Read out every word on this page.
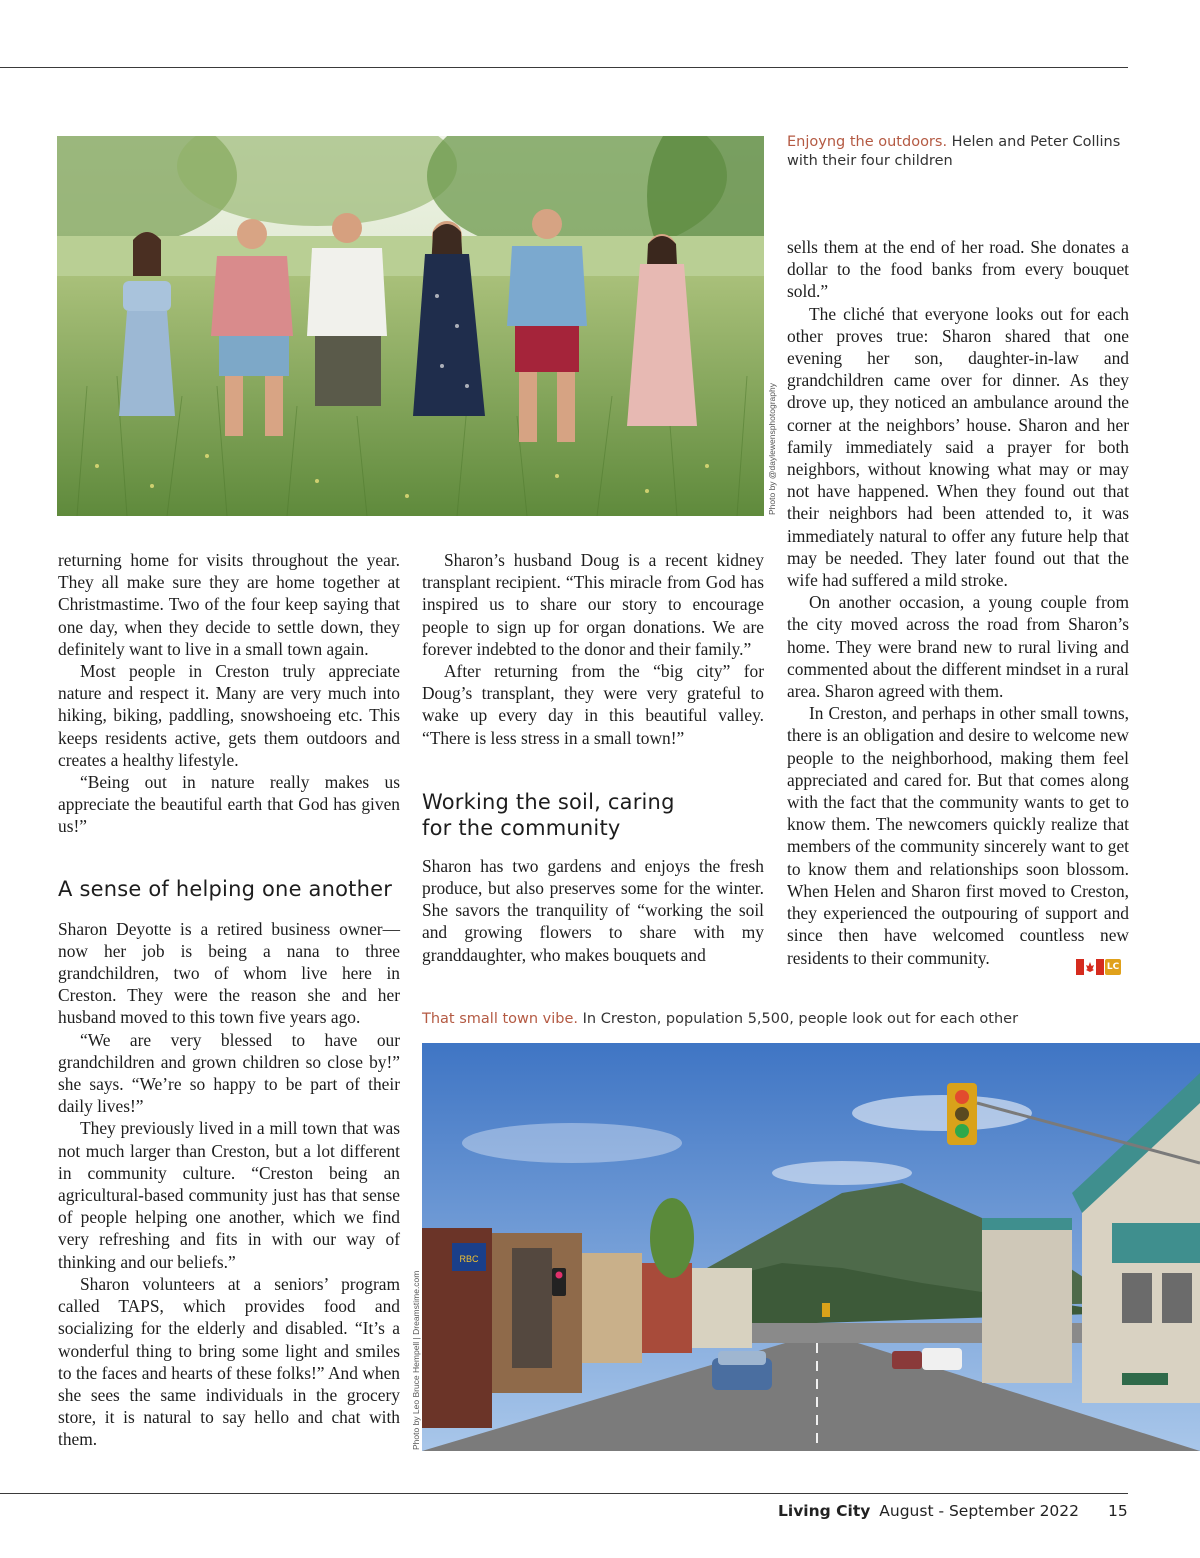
Photo by @daylewensphotography
Enjoyng the outdoors. Helen and Peter Collins with their four children

returning home for visits throughout the year. They all make sure they are home together at Christmastime. Two of the four keep saying that one day, when they decide to settle down, they definitely want to live in a small town again.

Most people in Creston truly appreciate nature and respect it. Many are very much into hiking, biking, paddling, snowshoeing etc. This keeps residents active, gets them outdoors and creates a healthy lifestyle.

“Being out in nature really makes us appreciate the beautiful earth that God has given us!”

A sense of helping one another

Sharon Deyotte is a retired business owner—now her job is being a nana to three grandchildren, two of whom live here in Creston. They were the reason she and her husband moved to this town five years ago.

“We are very blessed to have our grandchildren and grown children so close by!” she says. “We’re so happy to be part of their daily lives!”

They previously lived in a mill town that was not much larger than Creston, but a lot different in community culture. “Creston being an agricultural-based community just has that sense of people helping one another, which we find very refreshing and fits in with our way of thinking and our beliefs.”

Sharon volunteers at a seniors’ program called TAPS, which provides food and socializing for the elderly and disabled. “It’s a wonderful thing to bring some light and smiles to the faces and hearts of these folks!” And when she sees the same individuals in the grocery store, it is natural to say hello and chat with them.

Sharon’s husband Doug is a recent kidney transplant recipient. “This miracle from God has inspired us to share our story to encourage people to sign up for organ donations. We are forever indebted to the donor and their family.”

After returning from the “big city” for Doug’s transplant, they were very grateful to wake up every day in this beautiful valley. “There is less stress in a small town!”

Working the soil, caring
for the community

Sharon has two gardens and enjoys the fresh produce, but also preserves some for the winter. She savors the tranquility of “working the soil and growing flowers to share with my granddaughter, who makes bouquets and

sells them at the end of her road. She donates a dollar to the food banks from every bouquet sold.”

The cliché that everyone looks out for each other proves true: Sharon shared that one evening her son, daughter-in-law and grandchildren came over for dinner. As they drove up, they noticed an ambulance around the corner at the neighbors’ house. Sharon and her family immediately said a prayer for both neighbors, without knowing what may or may not have happened. When they found out that their neighbors had been attended to, it was immediately natural to offer any future help that may be needed. They later found out that the wife had suffered a mild stroke.

On another occasion, a young couple from the city moved across the road from Sharon’s home. They were brand new to rural living and commented about the different mindset in a rural area. Sharon agreed with them.

In Creston, and perhaps in other small towns, there is an obligation and desire to welcome new people to the neighborhood, making them feel appreciated and cared for. But that comes along with the fact that the community wants to get to know them. The newcomers quickly realize that members of the community sincerely want to get to know them and relationships soon blossom. When Helen and Sharon first moved to Creston, they experienced the outpouring of support and since then have welcomed countless new residents to their community.	LC
That small town vibe. In Creston, population 5,500, people look out for each other
RBC
Photo by Leo Bruce Hempell | Dreamstime.com
Living City August - September 2022 15
